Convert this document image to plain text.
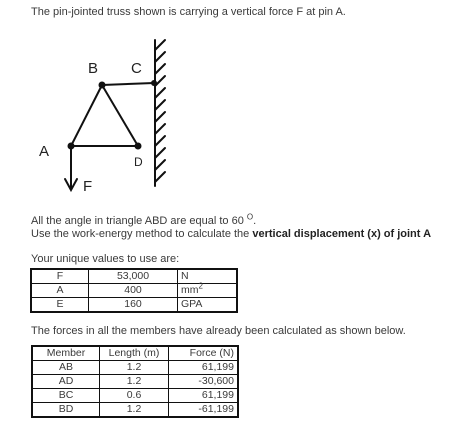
The pin-jointed truss shown is carrying a vertical force F at pin A.
B C
A
D
F
All the angle in triangle ABD are equal to 60 $^O$.
Use the work-energy method to calculate the vertical displacement (x) of joint A
Your unique values to use are:
F	53,000	N
A	400	$mm^2$
E	160	GPA
The forces in all the members have already been calculated as shown below.
Member	Length (m)	Force (N)
AB	1.2	61,199
AD	1.2	-30,600
BC	0.6	61,199
BD	1.2	-61,199
